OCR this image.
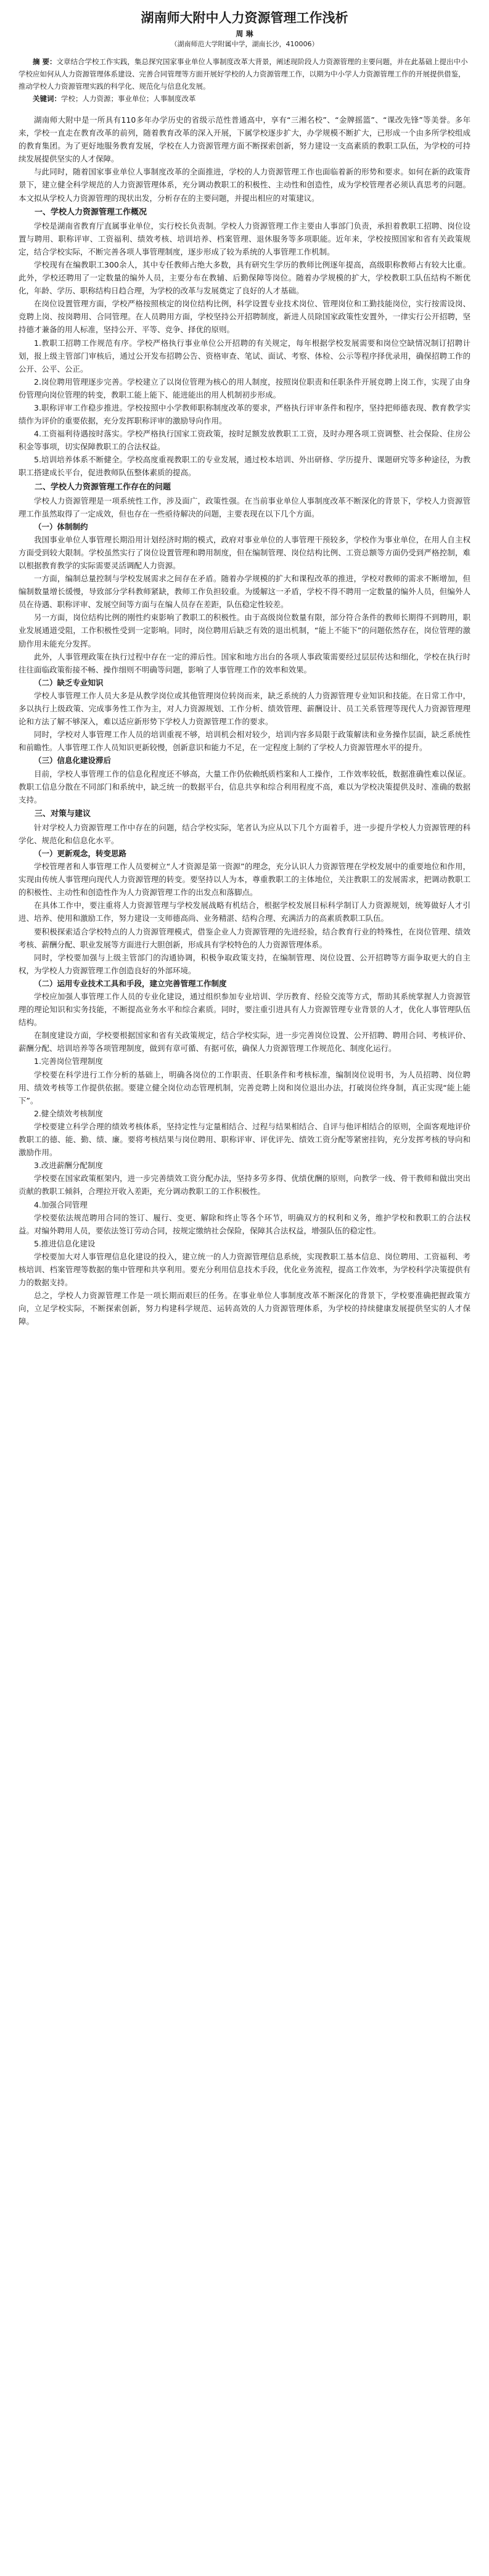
湖南师大附中人力资源管理工作浅析
周 琳
（湖南师范大学附属中学，湖南长沙，410006）

摘 要：文章结合学校工作实践，集总探究国家事业单位人事制度改革大背景，阐述现阶段人力资源管理的主要问题，并在此基础上提出中小学校应如何从人力资源管理体系建设、完善合同管理等方面开展好学校的人力资源管理工作，以期为中小学人力资源管理工作的开展提供借鉴，推动学校人力资源管理实践的科学化、规范化与信息化发展。

关键词：学校；人力资源；事业单位；人事制度改革

湖南师大附中是一所具有110多年办学历史的省级示范性普通高中，享有“三湘名校”、“金牌摇篮”、“课改先锋”等美誉。多年来，学校一直走在教育改革的前列，随着教育改革的深入开展，下属学校逐步扩大，办学规模不断扩大，已形成一个由多所学校组成的教育集团。为了更好地服务教育发展，学校在人力资源管理方面不断探索创新，努力建设一支高素质的教职工队伍，为学校的可持续发展提供坚实的人才保障。

与此同时，随着国家事业单位人事制度改革的全面推进，学校的人力资源管理工作也面临着新的形势和要求。如何在新的政策背景下，建立健全科学规范的人力资源管理体系，充分调动教职工的积极性、主动性和创造性，成为学校管理者必须认真思考的问题。本文拟从学校人力资源管理的现状出发，分析存在的主要问题，并提出相应的对策建议。

一、学校人力资源管理工作概况

学校是湖南省教育厅直属事业单位，实行校长负责制。学校人力资源管理工作主要由人事部门负责，承担着教职工招聘、岗位设置与聘用、职称评审、工资福利、绩效考核、培训培养、档案管理、退休服务等多项职能。近年来，学校按照国家和省有关政策规定，结合学校实际，不断完善各项人事管理制度，逐步形成了较为系统的人事管理工作机制。

学校现有在编教职工300余人，其中专任教师占绝大多数，具有研究生学历的教师比例逐年提高，高级职称教师占有较大比重。此外，学校还聘用了一定数量的编外人员，主要分布在教辅、后勤保障等岗位。随着办学规模的扩大，学校教职工队伍结构不断优化，年龄、学历、职称结构日趋合理，为学校的改革与发展奠定了良好的人才基础。

在岗位设置管理方面，学校严格按照核定的岗位结构比例，科学设置专业技术岗位、管理岗位和工勤技能岗位，实行按需设岗、竞聘上岗、按岗聘用、合同管理。在人员聘用方面，学校坚持公开招聘制度，新进人员除国家政策性安置外，一律实行公开招聘，坚持德才兼备的用人标准，坚持公开、平等、竞争、择优的原则。

1.教职工招聘工作规范有序。学校严格执行事业单位公开招聘的有关规定，每年根据学校发展需要和岗位空缺情况制订招聘计划，报上级主管部门审核后，通过公开发布招聘公告、资格审查、笔试、面试、考察、体检、公示等程序择优录用，确保招聘工作的公开、公平、公正。

2.岗位聘用管理逐步完善。学校建立了以岗位管理为核心的用人制度，按照岗位职责和任职条件开展竞聘上岗工作，实现了由身份管理向岗位管理的转变，教职工能上能下、能进能出的用人机制初步形成。

3.职称评审工作稳步推进。学校按照中小学教师职称制度改革的要求，严格执行评审条件和程序，坚持把师德表现、教育教学实绩作为评价的重要依据，充分发挥职称评审的激励导向作用。

4.工资福利待遇按时落实。学校严格执行国家工资政策，按时足额发放教职工工资，及时办理各项工资调整、社会保险、住房公积金等事项，切实保障教职工的合法权益。

5.培训培养体系不断健全。学校高度重视教职工的专业发展，通过校本培训、外出研修、学历提升、课题研究等多种途径，为教职工搭建成长平台，促进教师队伍整体素质的提高。

二、学校人力资源管理工作存在的问题

学校人力资源管理是一项系统性工作，涉及面广，政策性强。在当前事业单位人事制度改革不断深化的背景下，学校人力资源管理工作虽然取得了一定成效，但也存在一些亟待解决的问题，主要表现在以下几个方面。

（一）体制制约

我国事业单位人事管理长期沿用计划经济时期的模式，政府对事业单位的人事管理干预较多，学校作为事业单位，在用人自主权方面受到较大限制。学校虽然实行了岗位设置管理和聘用制度，但在编制管理、岗位结构比例、工资总额等方面仍受到严格控制，难以根据教育教学的实际需要灵活调配人力资源。

一方面，编制总量控制与学校发展需求之间存在矛盾。随着办学规模的扩大和课程改革的推进，学校对教师的需求不断增加，但编制数量增长缓慢，导致部分学科教师紧缺，教师工作负担较重。为缓解这一矛盾，学校不得不聘用一定数量的编外人员，但编外人员在待遇、职称评审、发展空间等方面与在编人员存在差距，队伍稳定性较差。

另一方面，岗位结构比例的刚性约束影响了教职工的积极性。由于高级岗位数量有限，部分符合条件的教师长期得不到聘用，职业发展通道受阻，工作积极性受到一定影响。同时，岗位聘用后缺乏有效的退出机制，“能上不能下”的问题依然存在，岗位管理的激励作用未能充分发挥。

此外，人事管理政策在执行过程中存在一定的滞后性。国家和地方出台的各项人事政策需要经过层层传达和细化，学校在执行时往往面临政策衔接不畅、操作细则不明确等问题，影响了人事管理工作的效率和效果。

（二）缺乏专业知识

学校人事管理工作人员大多是从教学岗位或其他管理岗位转岗而来，缺乏系统的人力资源管理专业知识和技能。在日常工作中，多以执行上级政策、完成事务性工作为主，对人力资源规划、工作分析、绩效管理、薪酬设计、员工关系管理等现代人力资源管理理论和方法了解不够深入，难以适应新形势下学校人力资源管理工作的要求。

同时，学校对人事管理工作人员的培训重视不够，培训机会相对较少，培训内容多局限于政策解读和业务操作层面，缺乏系统性和前瞻性。人事管理工作人员知识更新较慢，创新意识和能力不足，在一定程度上制约了学校人力资源管理水平的提升。

（三）信息化建设滞后

目前，学校人事管理工作的信息化程度还不够高，大量工作仍依赖纸质档案和人工操作，工作效率较低，数据准确性难以保证。教职工信息分散在不同部门和系统中，缺乏统一的数据平台，信息共享和综合利用程度不高，难以为学校决策提供及时、准确的数据支持。

三、对策与建议

针对学校人力资源管理工作中存在的问题，结合学校实际，笔者认为应从以下几个方面着手，进一步提升学校人力资源管理的科学化、规范化和信息化水平。

（一）更新观念，转变思路

学校管理者和人事管理工作人员要树立“人才资源是第一资源”的理念，充分认识人力资源管理在学校发展中的重要地位和作用，实现由传统人事管理向现代人力资源管理的转变。要坚持以人为本，尊重教职工的主体地位，关注教职工的发展需求，把调动教职工的积极性、主动性和创造性作为人力资源管理工作的出发点和落脚点。

在具体工作中，要注重将人力资源管理与学校发展战略有机结合，根据学校发展目标科学制订人力资源规划，统筹做好人才引进、培养、使用和激励工作，努力建设一支师德高尚、业务精湛、结构合理、充满活力的高素质教职工队伍。

要积极探索适合学校特点的人力资源管理模式，借鉴企业人力资源管理的先进经验，结合教育行业的特殊性，在岗位管理、绩效考核、薪酬分配、职业发展等方面进行大胆创新，形成具有学校特色的人力资源管理体系。

同时，学校要加强与上级主管部门的沟通协调，积极争取政策支持，在编制管理、岗位设置、公开招聘等方面争取更大的自主权，为学校人力资源管理工作创造良好的外部环境。

（二）运用专业技术工具和手段，建立完善管理工作制度

学校应加强人事管理工作人员的专业化建设，通过组织参加专业培训、学历教育、经验交流等方式，帮助其系统掌握人力资源管理的理论知识和实务技能，不断提高业务水平和综合素质。同时，要注重引进具有人力资源管理专业背景的人才，优化人事管理队伍结构。

在制度建设方面，学校要根据国家和省有关政策规定，结合学校实际，进一步完善岗位设置、公开招聘、聘用合同、考核评价、薪酬分配、培训培养等各项管理制度，做到有章可循、有据可依，确保人力资源管理工作规范化、制度化运行。

1.完善岗位管理制度

学校要在科学进行工作分析的基础上，明确各岗位的工作职责、任职条件和考核标准，编制岗位说明书，为人员招聘、岗位聘用、绩效考核等工作提供依据。要建立健全岗位动态管理机制，完善竞聘上岗和岗位退出办法，打破岗位终身制，真正实现“能上能下”。

2.健全绩效考核制度

学校要建立科学合理的绩效考核体系，坚持定性与定量相结合、过程与结果相结合、自评与他评相结合的原则，全面客观地评价教职工的德、能、勤、绩、廉。要将考核结果与岗位聘用、职称评审、评优评先、绩效工资分配等紧密挂钩，充分发挥考核的导向和激励作用。

3.改进薪酬分配制度

学校要在国家政策框架内，进一步完善绩效工资分配办法，坚持多劳多得、优绩优酬的原则，向教学一线、骨干教师和做出突出贡献的教职工倾斜，合理拉开收入差距，充分调动教职工的工作积极性。

4.加强合同管理

学校要依法规范聘用合同的签订、履行、变更、解除和终止等各个环节，明确双方的权利和义务，维护学校和教职工的合法权益。对编外聘用人员，要依法签订劳动合同，按规定缴纳社会保险，保障其合法权益，增强队伍的稳定性。

5.推进信息化建设

学校要加大对人事管理信息化建设的投入，建立统一的人力资源管理信息系统，实现教职工基本信息、岗位聘用、工资福利、考核培训、档案管理等数据的集中管理和共享利用。要充分利用信息技术手段，优化业务流程，提高工作效率，为学校科学决策提供有力的数据支持。

总之，学校人力资源管理工作是一项长期而艰巨的任务。在事业单位人事制度改革不断深化的背景下，学校要准确把握政策方向，立足学校实际，不断探索创新，努力构建科学规范、运转高效的人力资源管理体系，为学校的持续健康发展提供坚实的人才保障。
